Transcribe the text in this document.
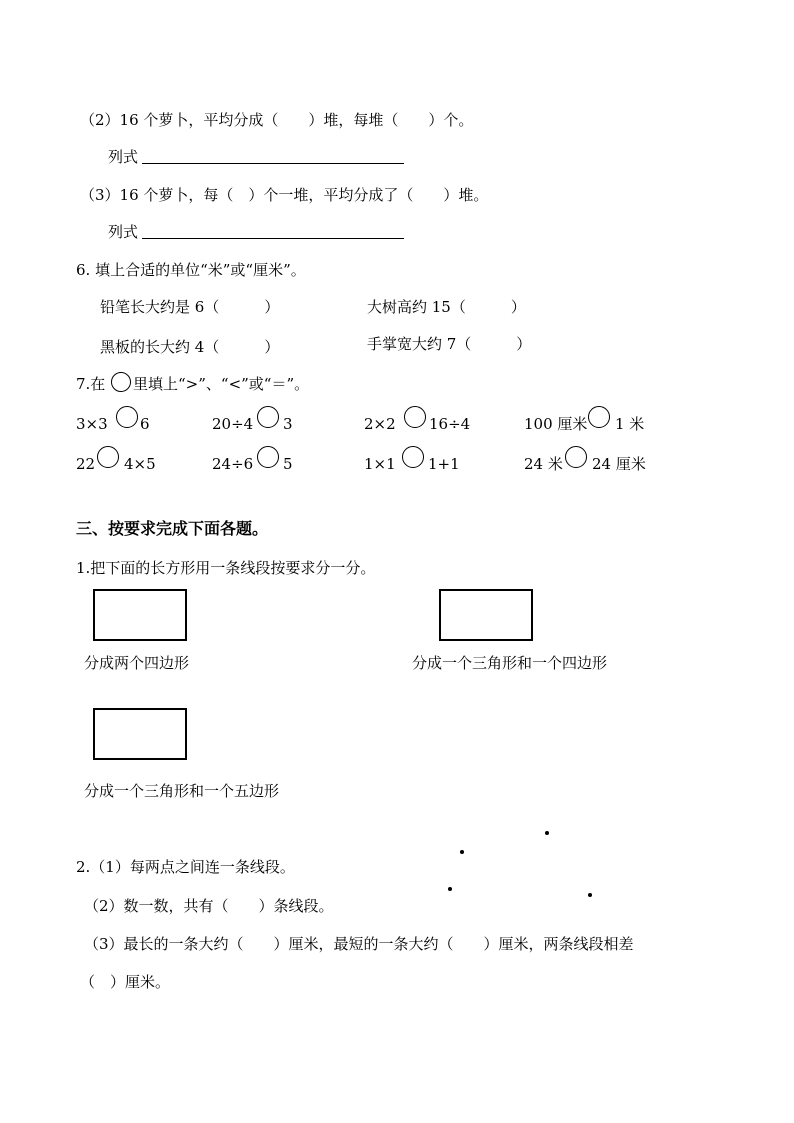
（2）16 个萝卜，平均分成（　　）堆，每堆（　　）个。
列式
（3）16 个萝卜，每（　）个一堆，平均分成了（　　）堆。
列式
6. 填上合适的单位“米”或“厘米”。
铅笔长大约是 6（　　　）	大树高约 15（　　　）
黑板的长大约 4（　　　）	手掌宽大约 7（　　　）
7.在 里填上“>”、“<”或“＝”。
3×3 6	20÷4 3	2×2 16÷4	100 厘米 1 米
22 4×5	24÷6 5	1×1 1+1	24 米 24 厘米
三、按要求完成下面各题。
1.把下面的长方形用一条线段按要求分一分。
分成两个四边形	分成一个三角形和一个四边形
分成一个三角形和一个五边形
2.（1）每两点之间连一条线段。
（2）数一数，共有（　　）条线段。
（3）最长的一条大约（　　）厘米，最短的一条大约（　　）厘米，两条线段相差
（　）厘米。
